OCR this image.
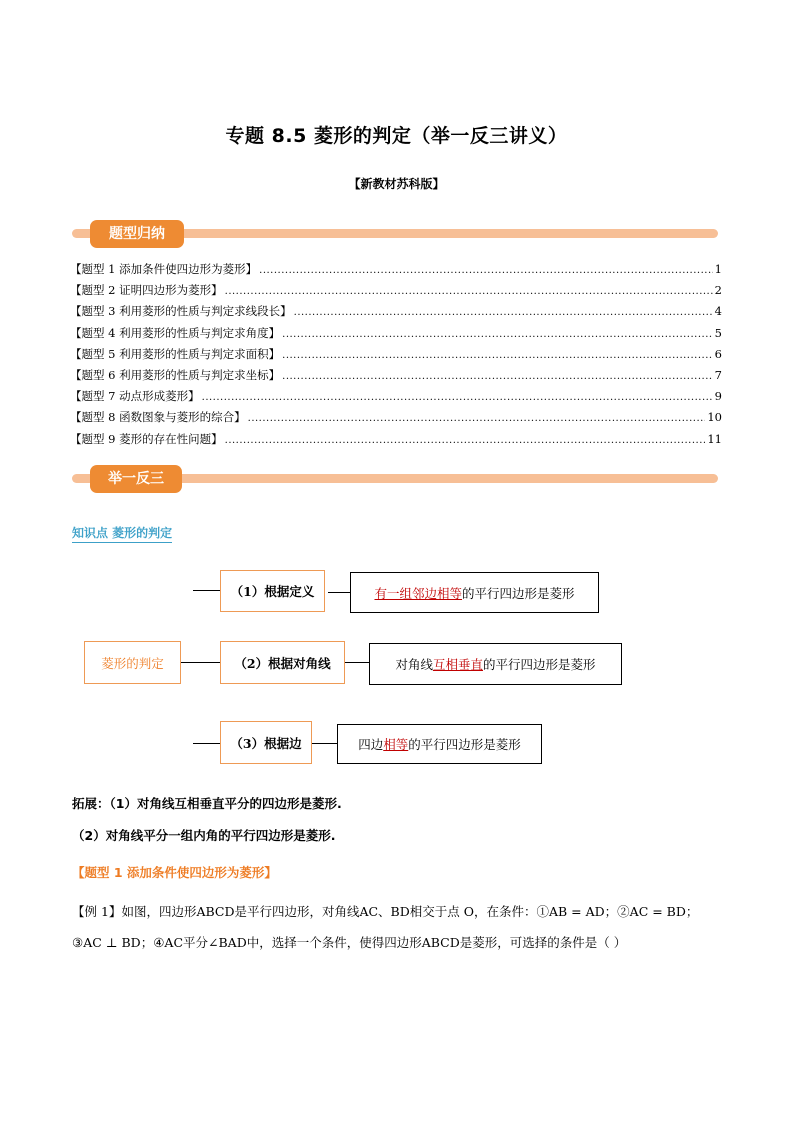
专题 8.5 菱形的判定（举一反三讲义）
【新教材苏科版】
题型归纳
【题型 1 添加条件使四边形为菱形】 .....	1
【题型 2 证明四边形为菱形】 .....	2
【题型 3 利用菱形的性质与判定求线段长】 .....	4
【题型 4 利用菱形的性质与判定求角度】 .....	5
【题型 5 利用菱形的性质与判定求面积】 .....	6
【题型 6 利用菱形的性质与判定求坐标】 .....	7
【题型 7 动点形成菱形】 .....	9
【题型 8 函数图象与菱形的综合】 .....	10
【题型 9 菱形的存在性问题】 .....	11
举一反三
知识点 菱形的判定
菱形的判定
（1）根据定义	有一组邻边相等 的平行四边形是菱形
（2）根据对角线	对角线 互相垂直 的平行四边形是菱形
（3）根据边	四边 相等 的平行四边形是菱形
拓展：（1）对角线互相垂直平分的四边形是菱形.
（2）对角线平分一组内角的平行四边形是菱形.
【题型 1 添加条件使四边形为菱形】
【例 1】如图，四边形ABCD是平行四边形，对角线AC、BD相交于点 O，在条件：①AB = AD；②AC = BD；
③AC ⊥ BD；④AC平分∠BAD中，选择一个条件，使得四边形ABCD是菱形，可选择的条件是（ ）
